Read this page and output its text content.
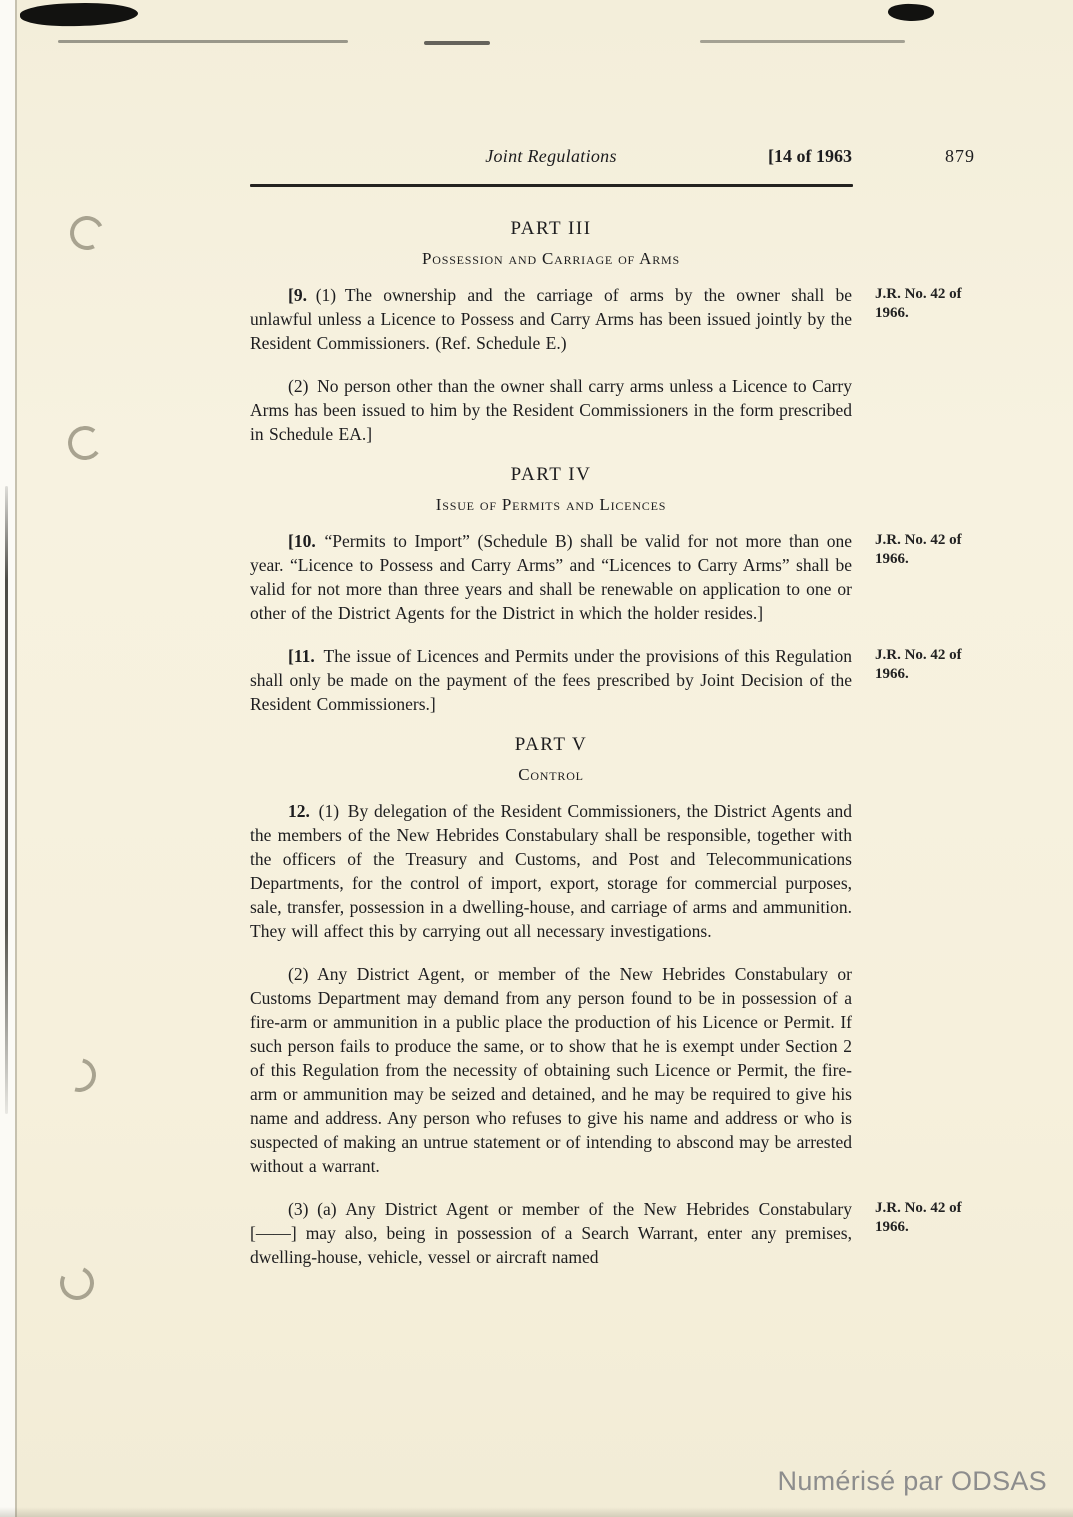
Joint Regulations	[14 of 1963	879
PART III
Possession and Carriage of Arms

[9.  (1) The ownership and the carriage of arms by the owner shall be unlawful unless a Licence to Possess and Carry Arms has been issued jointly by the Resident Commissioners. (Ref. Schedule E.)

J.R. No. 42 of 1966.

(2) No person other than the owner shall carry arms unless a Licence to Carry Arms has been issued to him by the Resident Commissioners in the form prescribed in Schedule EA.]

PART IV
Issue of Permits and Licences

[10.  “Permits to Import” (Schedule B) shall be valid for not more than one year. “Licence to Possess and Carry Arms” and “Licences to Carry Arms” shall be valid for not more than three years and shall be renewable on application to one or other of the District Agents for the District in which the holder resides.]

J.R. No. 42 of 1966.

[11.  The issue of Licences and Permits under the provisions of this Regulation shall only be made on the payment of the fees prescribed by Joint Decision of the Resident Commissioners.]

J.R. No. 42 of 1966.
PART V
Control

12.  (1) By delegation of the Resident Commissioners, the District Agents and the members of the New Hebrides Constabulary shall be responsible, together with the officers of the Treasury and Customs, and Post and Telecommunications Departments, for the control of import, export, storage for commercial purposes, sale, transfer, possession in a dwelling-house, and carriage of arms and ammunition. They will affect this by carrying out all necessary investigations.

(2) Any District Agent, or member of the New Hebrides Constabulary or Customs Department may demand from any person found to be in possession of a fire-arm or ammunition in a public place the production of his Licence or Permit. If such person fails to produce the same, or to show that he is exempt under Section 2 of this Regulation from the necessity of obtaining such Licence or Permit, the fire-arm or ammunition may be seized and detained, and he may be required to give his name and address. Any person who refuses to give his name and address or who is suspected of making an untrue statement or of intending to abscond may be arrested without a warrant.

(3) (a) Any District Agent or member of the New Hebrides Constabulary [——] may also, being in possession of a Search Warrant, enter any premises, dwelling-house, vehicle, vessel or aircraft named

J.R. No. 42 of 1966.
Numérisé par ODSAS
